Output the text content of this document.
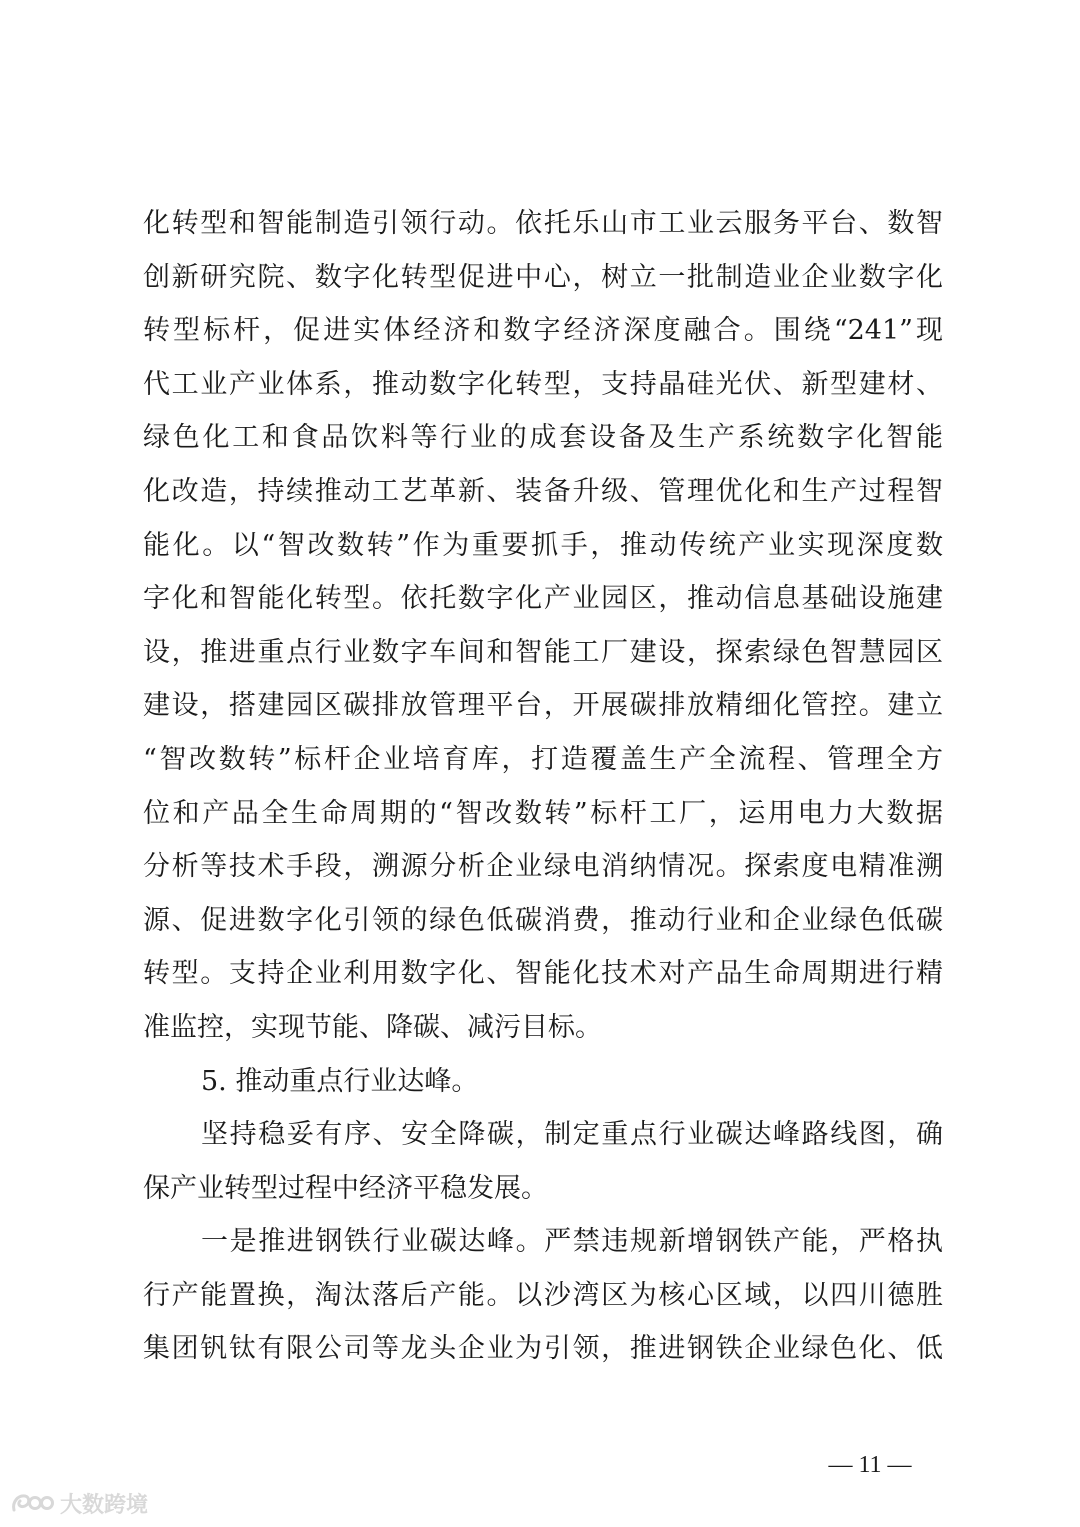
化转型和智能制造引领行动。依托乐山市工业云服务平台、数智
创新研究院、数字化转型促进中心，树立一批制造业企业数字化
转型标杆，促进实体经济和数字经济深度融合。围绕“241”现
代工业产业体系，推动数字化转型，支持晶硅光伏、新型建材、
绿色化工和食品饮料等行业的成套设备及生产系统数字化智能
化改造，持续推动工艺革新、装备升级、管理优化和生产过程智
能化。以“智改数转”作为重要抓手，推动传统产业实现深度数
字化和智能化转型。依托数字化产业园区，推动信息基础设施建
设，推进重点行业数字车间和智能工厂建设，探索绿色智慧园区
建设，搭建园区碳排放管理平台，开展碳排放精细化管控。建立
“智改数转”标杆企业培育库，打造覆盖生产全流程、管理全方
位和产品全生命周期的“智改数转”标杆工厂，运用电力大数据
分析等技术手段，溯源分析企业绿电消纳情况。探索度电精准溯
源、促进数字化引领的绿色低碳消费，推动行业和企业绿色低碳
转型。支持企业利用数字化、智能化技术对产品生命周期进行精
准监控，实现节能、降碳、减污目标。
5. 推动重点行业达峰。
坚持稳妥有序、安全降碳，制定重点行业碳达峰路线图，确
保产业转型过程中经济平稳发展。
一是推进钢铁行业碳达峰。严禁违规新增钢铁产能，严格执
行产能置换，淘汰落后产能。以沙湾区为核心区域，以四川德胜
集团钒钛有限公司等龙头企业为引领，推进钢铁企业绿色化、低
— 11 —
大数跨境
